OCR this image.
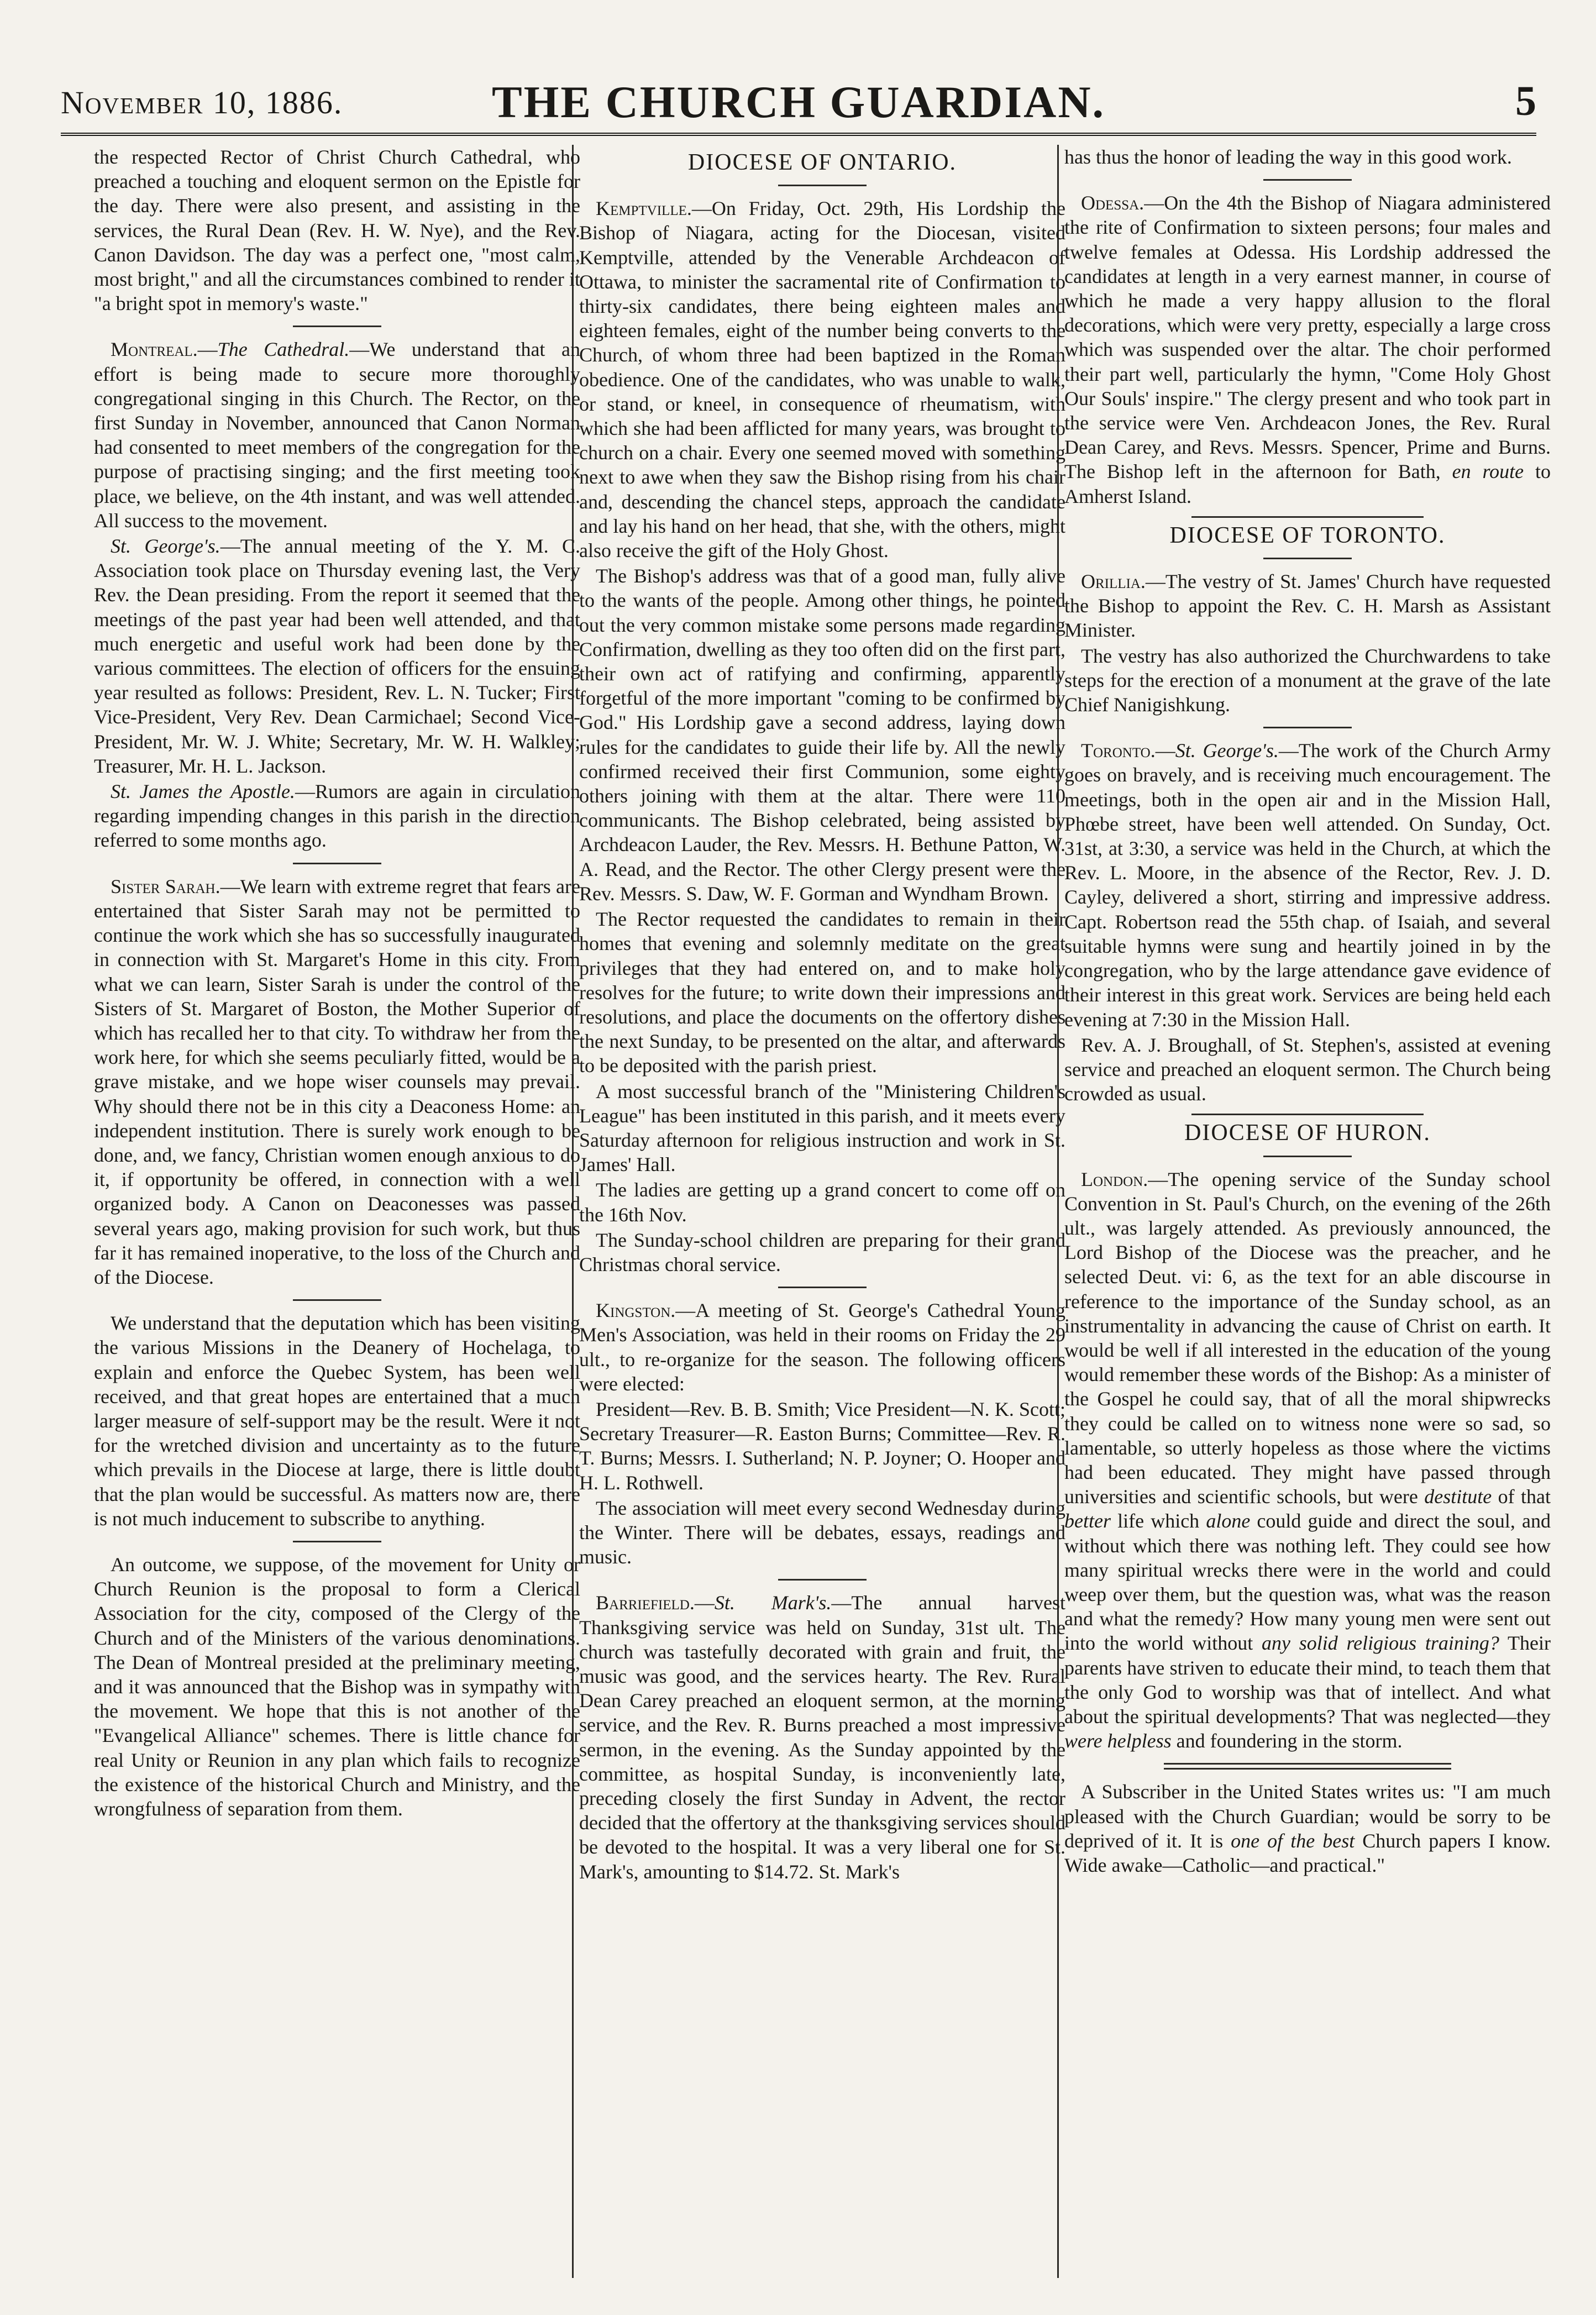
November 10, 1886.	THE CHURCH GUARDIAN.	5

the respected Rector of Christ Church Cathedral, who preached a touching and eloquent sermon on the Epistle for the day. There were also present, and assisting in the services, the Rural Dean (Rev. H. W. Nye), and the Rev. Canon Davidson. The day was a perfect one, "most calm, most bright," and all the circumstances combined to render it "a bright spot in memory's waste."

Montreal.—The Cathedral.—We understand that an effort is being made to secure more thoroughly congregational singing in this Church. The Rector, on the first Sunday in November, announced that Canon Norman had consented to meet members of the congregation for the purpose of practising singing; and the first meeting took place, we believe, on the 4th instant, and was well attended. All success to the movement.

St. George's.—The annual meeting of the Y. M. C. Association took place on Thursday evening last, the Very Rev. the Dean presiding. From the report it seemed that the meetings of the past year had been well attended, and that much energetic and useful work had been done by the various committees. The election of officers for the ensuing year resulted as follows: President, Rev. L. N. Tucker; First Vice-President, Very Rev. Dean Carmichael; Second Vice-President, Mr. W. J. White; Secretary, Mr. W. H. Walkley; Treasurer, Mr. H. L. Jackson.

St. James the Apostle.—Rumors are again in circulation regarding impending changes in this parish in the direction referred to some months ago.

Sister Sarah.—We learn with extreme regret that fears are entertained that Sister Sarah may not be permitted to continue the work which she has so successfully inaugurated in connection with St. Margaret's Home in this city. From what we can learn, Sister Sarah is under the control of the Sisters of St. Margaret of Boston, the Mother Superior of which has recalled her to that city. To withdraw her from the work here, for which she seems peculiarly fitted, would be a grave mistake, and we hope wiser counsels may prevail. Why should there not be in this city a Deaconess Home: an independent institution. There is surely work enough to be done, and, we fancy, Christian women enough anxious to do it, if opportunity be offered, in connection with a well organized body. A Canon on Deaconesses was passed several years ago, making provision for such work, but thus far it has remained inoperative, to the loss of the Church and of the Diocese.

We understand that the deputation which has been visiting the various Missions in the Deanery of Hochelaga, to explain and enforce the Quebec System, has been well received, and that great hopes are entertained that a much larger measure of self-support may be the result. Were it not for the wretched division and uncertainty as to the future which prevails in the Diocese at large, there is little doubt that the plan would be successful. As matters now are, there is not much inducement to subscribe to anything.

An outcome, we suppose, of the movement for Unity or Church Reunion is the proposal to form a Clerical Association for the city, composed of the Clergy of the Church and of the Ministers of the various denominations. The Dean of Montreal presided at the preliminary meeting, and it was announced that the Bishop was in sympathy with the movement. We hope that this is not another of the "Evangelical Alliance" schemes. There is little chance for real Unity or Reunion in any plan which fails to recognize the existence of the historical Church and Ministry, and the wrongfulness of separation from them.

DIOCESE OF ONTARIO.

Kemptville.—On Friday, Oct. 29th, His Lordship the Bishop of Niagara, acting for the Diocesan, visited Kemptville, attended by the Venerable Archdeacon of Ottawa, to minister the sacramental rite of Confirmation to thirty-six candidates, there being eighteen males and eighteen females, eight of the number being converts to the Church, of whom three had been baptized in the Roman obedience. One of the candidates, who was unable to walk, or stand, or kneel, in consequence of rheumatism, with which she had been afflicted for many years, was brought to church on a chair. Every one seemed moved with something next to awe when they saw the Bishop rising from his chair and, descending the chancel steps, approach the candidate and lay his hand on her head, that she, with the others, might also receive the gift of the Holy Ghost.

The Bishop's address was that of a good man, fully alive to the wants of the people. Among other things, he pointed out the very common mistake some persons made regarding Confirmation, dwelling as they too often did on the first part, their own act of ratifying and confirming, apparently forgetful of the more important "coming to be confirmed by God." His Lordship gave a second address, laying down rules for the candidates to guide their life by. All the newly confirmed received their first Communion, some eighty others joining with them at the altar. There were 110 communicants. The Bishop celebrated, being assisted by Archdeacon Lauder, the Rev. Messrs. H. Bethune Patton, W. A. Read, and the Rector. The other Clergy present were the Rev. Messrs. S. Daw, W. F. Gorman and Wyndham Brown.

The Rector requested the candidates to remain in their homes that evening and solemnly meditate on the great privileges that they had entered on, and to make holy resolves for the future; to write down their impressions and resolutions, and place the documents on the offertory dishes the next Sunday, to be presented on the altar, and afterwards to be deposited with the parish priest.

A most successful branch of the "Ministering Children's League" has been instituted in this parish, and it meets every Saturday afternoon for religious instruction and work in St. James' Hall.

The ladies are getting up a grand concert to come off on the 16th Nov.

The Sunday-school children are preparing for their grand Christmas choral service.

Kingston.—A meeting of St. George's Cathedral Young Men's Association, was held in their rooms on Friday the 29 ult., to re-organize for the season. The following officers were elected:

President—Rev. B. B. Smith; Vice President—N. K. Scott; Secretary Treasurer—R. Easton Burns; Committee—Rev. R. T. Burns; Messrs. I. Sutherland; N. P. Joyner; O. Hooper and H. L. Rothwell.

The association will meet every second Wednesday during the Winter. There will be debates, essays, readings and music.

Barriefield.—St. Mark's.—The annual harvest Thanksgiving service was held on Sunday, 31st ult. The church was tastefully decorated with grain and fruit, the music was good, and the services hearty. The Rev. Rural Dean Carey preached an eloquent sermon, at the morning service, and the Rev. R. Burns preached a most impressive sermon, in the evening. As the Sunday appointed by the committee, as hospital Sunday, is inconveniently late, preceding closely the first Sunday in Advent, the rector decided that the offertory at the thanksgiving services should be devoted to the hospital. It was a very liberal one for St. Mark's, amounting to $14.72. St. Mark's

has thus the honor of leading the way in this good work.

Odessa.—On the 4th the Bishop of Niagara administered the rite of Confirmation to sixteen persons; four males and twelve females at Odessa. His Lordship addressed the candidates at length in a very earnest manner, in course of which he made a very happy allusion to the floral decorations, which were very pretty, especially a large cross which was suspended over the altar. The choir performed their part well, particularly the hymn, "Come Holy Ghost Our Souls' inspire." The clergy present and who took part in the service were Ven. Archdeacon Jones, the Rev. Rural Dean Carey, and Revs. Messrs. Spencer, Prime and Burns. The Bishop left in the afternoon for Bath, en route to Amherst Island.

DIOCESE OF TORONTO.

Orillia.—The vestry of St. James' Church have requested the Bishop to appoint the Rev. C. H. Marsh as Assistant Minister.

The vestry has also authorized the Churchwardens to take steps for the erection of a monument at the grave of the late Chief Nanigishkung.

Toronto.—St. George's.—The work of the Church Army goes on bravely, and is receiving much encouragement. The meetings, both in the open air and in the Mission Hall, Phœbe street, have been well attended. On Sunday, Oct. 31st, at 3:30, a service was held in the Church, at which the Rev. L. Moore, in the absence of the Rector, Rev. J. D. Cayley, delivered a short, stirring and impressive address. Capt. Robertson read the 55th chap. of Isaiah, and several suitable hymns were sung and heartily joined in by the congregation, who by the large attendance gave evidence of their interest in this great work. Services are being held each evening at 7:30 in the Mission Hall.

Rev. A. J. Broughall, of St. Stephen's, assisted at evening service and preached an eloquent sermon. The Church being crowded as usual.

DIOCESE OF HURON.

London.—The opening service of the Sunday school Convention in St. Paul's Church, on the evening of the 26th ult., was largely attended. As previously announced, the Lord Bishop of the Diocese was the preacher, and he selected Deut. vi: 6, as the text for an able discourse in reference to the importance of the Sunday school, as an instrumentality in advancing the cause of Christ on earth. It would be well if all interested in the education of the young would remember these words of the Bishop: As a minister of the Gospel he could say, that of all the moral shipwrecks they could be called on to witness none were so sad, so lamentable, so utterly hopeless as those where the victims had been educated. They might have passed through universities and scientific schools, but were destitute of that better life which alone could guide and direct the soul, and without which there was nothing left. They could see how many spiritual wrecks there were in the world and could weep over them, but the question was, what was the reason and what the remedy? How many young men were sent out into the world without any solid religious training? Their parents have striven to educate their mind, to teach them that the only God to worship was that of intellect. And what about the spiritual developments? That was neglected—they were helpless and foundering in the storm.

A Subscriber in the United States writes us: "I am much pleased with the Church Guardian; would be sorry to be deprived of it. It is one of the best Church papers I know. Wide awake—Catholic—and practical."
